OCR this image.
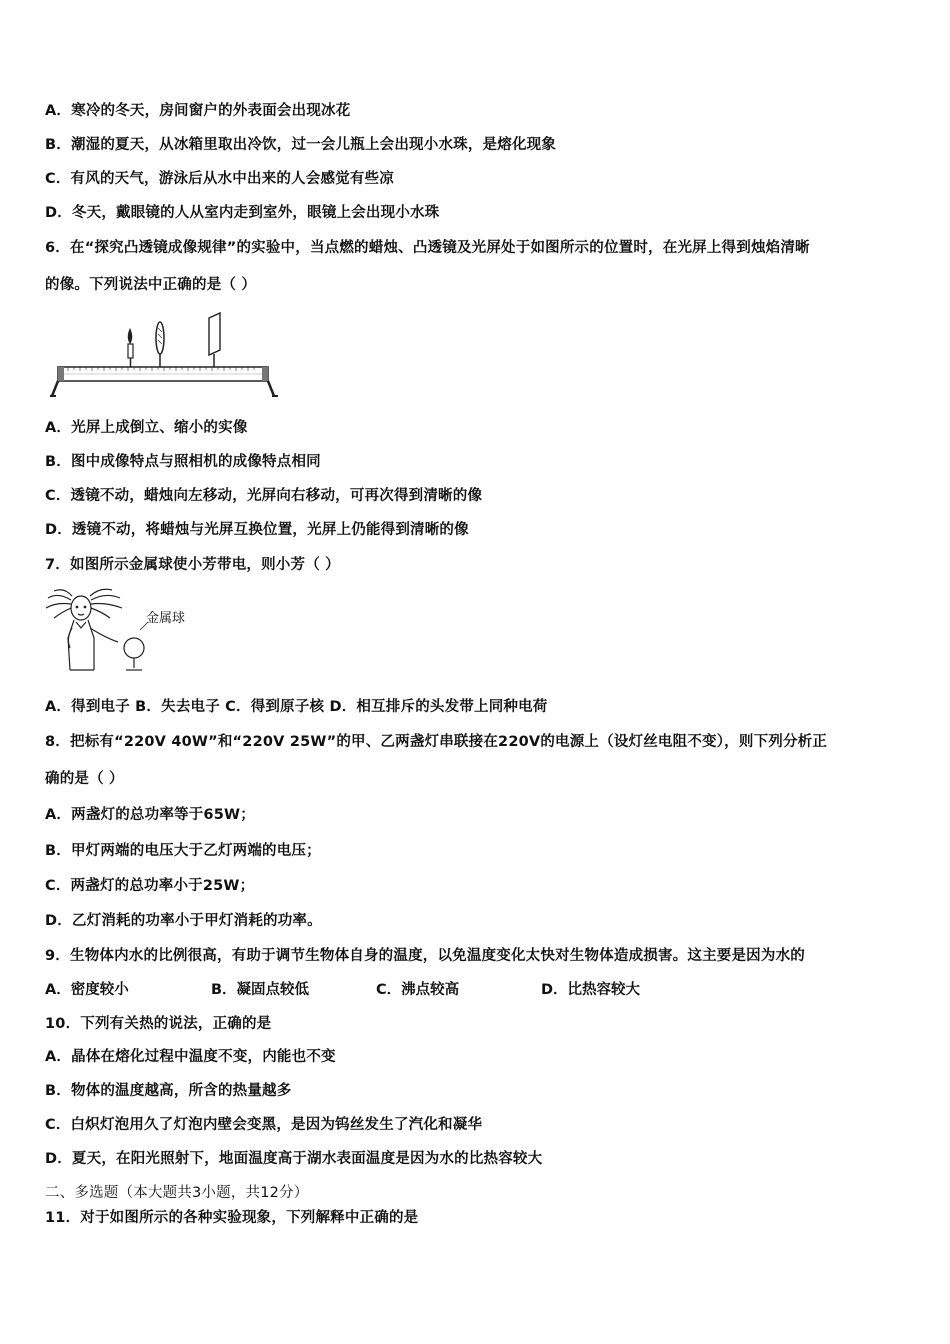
A．寒冷的冬天，房间窗户的外表面会出现冰花
B．潮湿的夏天，从冰箱里取出冷饮，过一会儿瓶上会出现小水珠，是熔化现象
C．有风的天气，游泳后从水中出来的人会感觉有些凉
D．冬天，戴眼镜的人从室内走到室外，眼镜上会出现小水珠
6．在“探究凸透镜成像规律”的实验中，当点燃的蜡烛、凸透镜及光屏处于如图所示的位置时，在光屏上得到烛焰清晰
的像。下列说法中正确的是（ ）
A．光屏上成倒立、缩小的实像
B．图中成像特点与照相机的成像特点相同
C．透镜不动，蜡烛向左移动，光屏向右移动，可再次得到清晰的像
D．透镜不动，将蜡烛与光屏互换位置，光屏上仍能得到清晰的像
7．如图所示金属球使小芳带电，则小芳（ ）
金属球
A．得到电子 B．失去电子 C．得到原子核 D．相互排斥的头发带上同种电荷
8．把标有“220V 40W”和“220V 25W”的甲、乙两盏灯串联接在220V的电源上（设灯丝电阻不变），则下列分析正
确的是（ ）
A．两盏灯的总功率等于65W；
B．甲灯两端的电压大于乙灯两端的电压；
C．两盏灯的总功率小于25W；
D．乙灯消耗的功率小于甲灯消耗的功率。
9．生物体内水的比例很高，有助于调节生物体自身的温度，以免温度变化太快对生物体造成损害。这主要是因为水的
A．密度较小	B．凝固点较低	C．沸点较高	D．比热容较大
10．下列有关热的说法，正确的是
A．晶体在熔化过程中温度不变，内能也不变
B．物体的温度越高，所含的热量越多
C．白炽灯泡用久了灯泡内壁会变黑，是因为钨丝发生了汽化和凝华
D．夏天，在阳光照射下，地面温度高于湖水表面温度是因为水的比热容较大
二、多选题（本大题共3小题，共12分）
11．对于如图所示的各种实验现象，下列解释中正确的是
